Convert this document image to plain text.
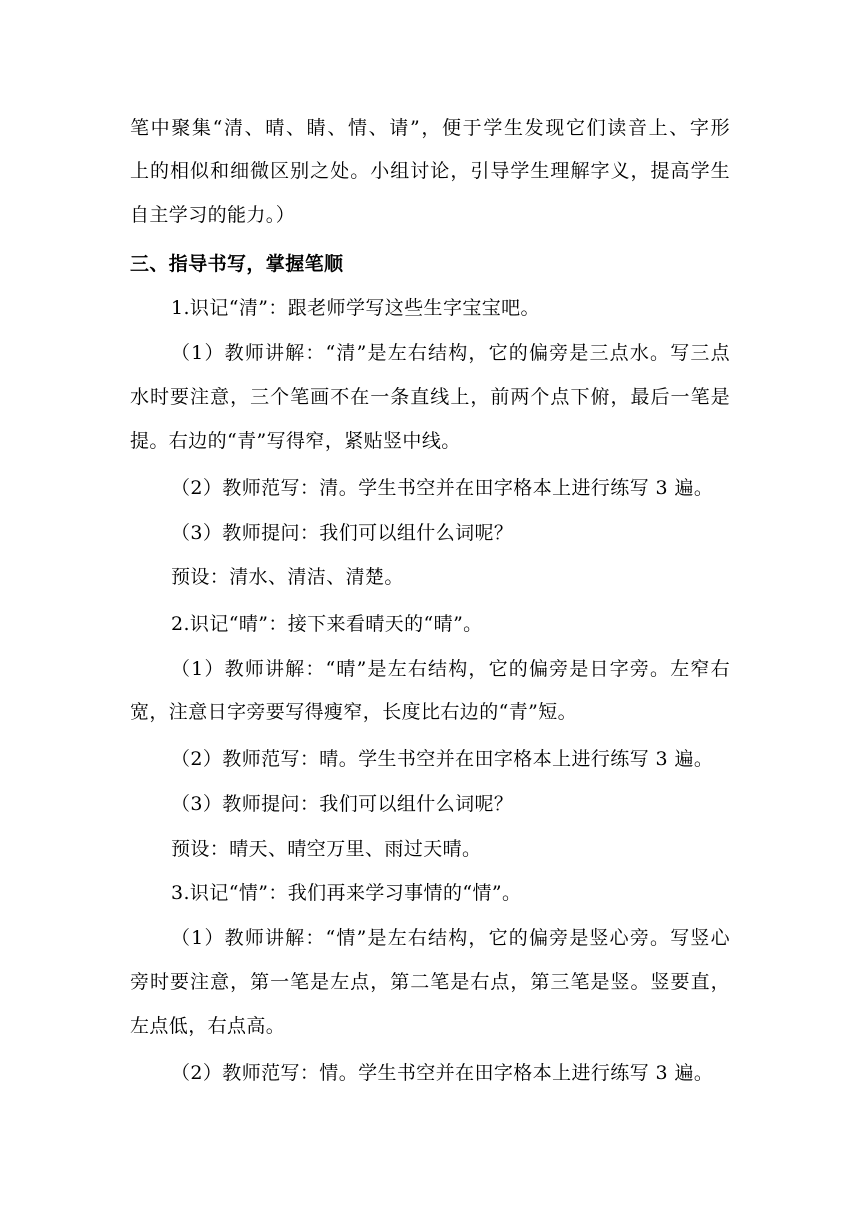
笔中聚集“清、晴、睛、情、请”，便于学生发现它们读音上、字形
上的相似和细微区别之处。小组讨论，引导学生理解字义，提高学生
自主学习的能力。）
三、指导书写，掌握笔顺
1.识记“清”：跟老师学写这些生字宝宝吧。
（1）教师讲解：“清”是左右结构，它的偏旁是三点水。写三点
水时要注意，三个笔画不在一条直线上，前两个点下俯，最后一笔是
提。右边的“青”写得窄，紧贴竖中线。
（2）教师范写：清。学生书空并在田字格本上进行练写 3 遍。
（3）教师提问：我们可以组什么词呢？
预设：清水、清洁、清楚。
2.识记“晴”：接下来看晴天的“晴”。
（1）教师讲解：“晴”是左右结构，它的偏旁是日字旁。左窄右
宽，注意日字旁要写得瘦窄，长度比右边的“青”短。
（2）教师范写：晴。学生书空并在田字格本上进行练写 3 遍。
（3）教师提问：我们可以组什么词呢？
预设：晴天、晴空万里、雨过天晴。
3.识记“情”：我们再来学习事情的“情”。
（1）教师讲解：“情”是左右结构，它的偏旁是竖心旁。写竖心
旁时要注意，第一笔是左点，第二笔是右点，第三笔是竖。竖要直，
左点低，右点高。
（2）教师范写：情。学生书空并在田字格本上进行练写 3 遍。
